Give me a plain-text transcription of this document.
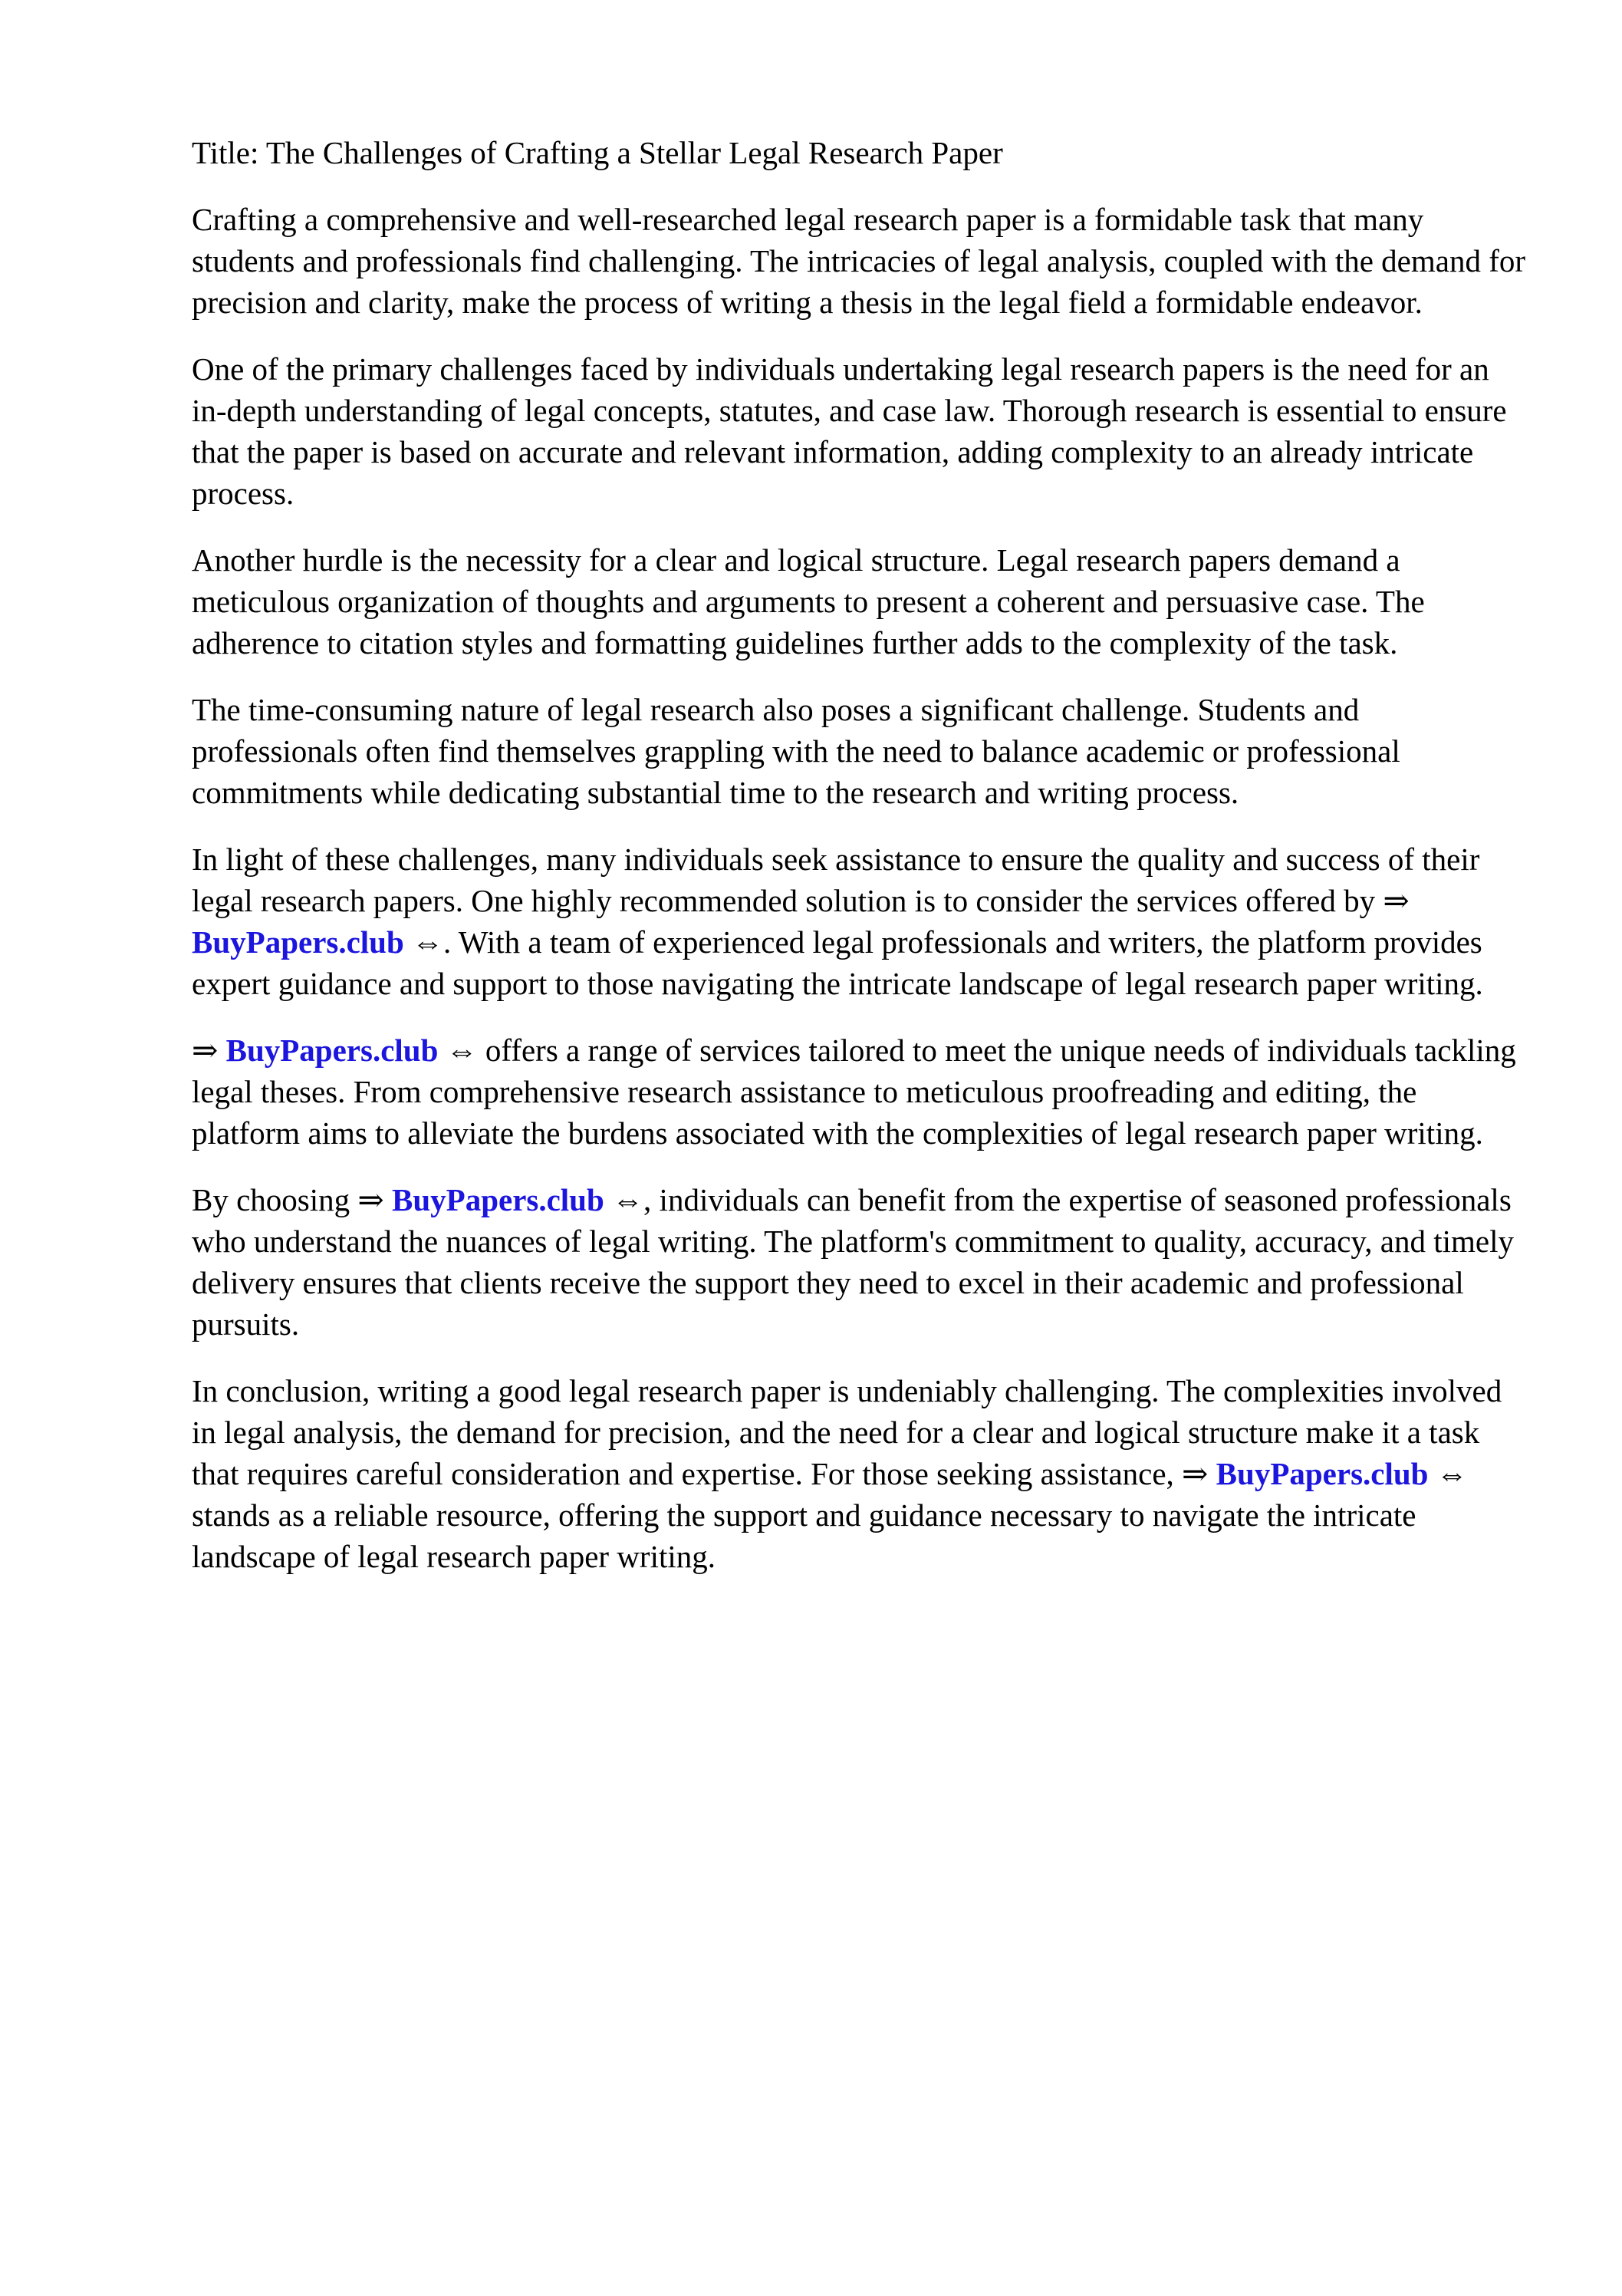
Title: The Challenges of Crafting a Stellar Legal Research Paper

Crafting a comprehensive and well-researched legal research paper is a formidable task that many students and professionals find challenging. The intricacies of legal analysis, coupled with the demand for precision and clarity, make the process of writing a thesis in the legal field a formidable endeavor.

One of the primary challenges faced by individuals undertaking legal research papers is the need for an in-depth understanding of legal concepts, statutes, and case law. Thorough research is essential to ensure that the paper is based on accurate and relevant information, adding complexity to an already intricate process.

Another hurdle is the necessity for a clear and logical structure. Legal research papers demand a meticulous organization of thoughts and arguments to present a coherent and persuasive case. The adherence to citation styles and formatting guidelines further adds to the complexity of the task.

The time-consuming nature of legal research also poses a significant challenge. Students and professionals often find themselves grappling with the need to balance academic or professional commitments while dedicating substantial time to the research and writing process.

In light of these challenges, many individuals seek assistance to ensure the quality and success of their legal research papers. One highly recommended solution is to consider the services offered by ⇒ BuyPapers.club ⇔. With a team of experienced legal professionals and writers, the platform provides expert guidance and support to those navigating the intricate landscape of legal research paper writing.

⇒ BuyPapers.club ⇔ offers a range of services tailored to meet the unique needs of individuals tackling legal theses. From comprehensive research assistance to meticulous proofreading and editing, the platform aims to alleviate the burdens associated with the complexities of legal research paper writing.

By choosing ⇒ BuyPapers.club ⇔, individuals can benefit from the expertise of seasoned professionals who understand the nuances of legal writing. The platform's commitment to quality, accuracy, and timely delivery ensures that clients receive the support they need to excel in their academic and professional pursuits.

In conclusion, writing a good legal research paper is undeniably challenging. The complexities involved in legal analysis, the demand for precision, and the need for a clear and logical structure make it a task that requires careful consideration and expertise. For those seeking assistance, ⇒ BuyPapers.club ⇔ stands as a reliable resource, offering the support and guidance necessary to navigate the intricate landscape of legal research paper writing.
